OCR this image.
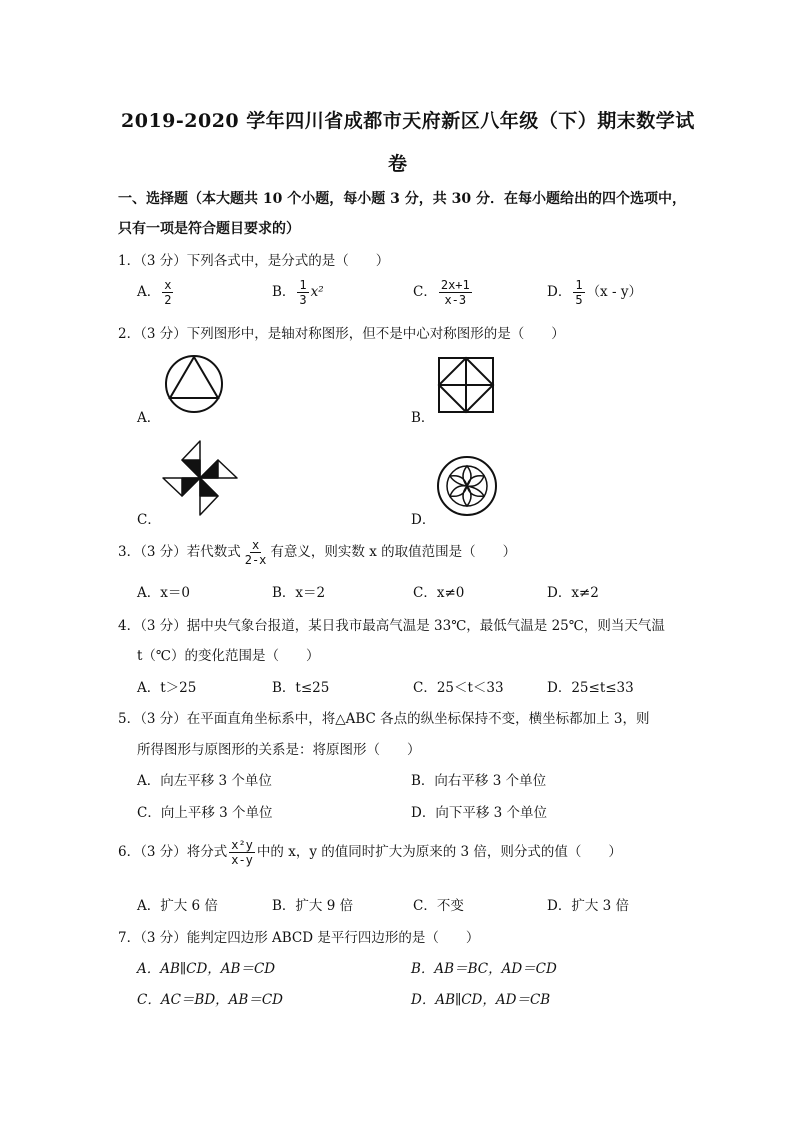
2019-2020 学年四川省成都市天府新区八年级（下）期末数学试
卷
一、选择题（本大题共 10 个小题，每小题 3 分，共 30 分．在每小题给出的四个选项中，
只有一项是符合题目要求的）
1．（3 分）下列各式中，是分式的是（　　）
A． $\frac{x}{2}$	B． $\frac{1}{3} x^2$	C． $\frac{2x+1}{x-3}$	D． $\frac{1}{5} (x - y)$
2．（3 分）下列图形中，是轴对称图形，但不是中心对称图形的是（　　）
A．	B．
C．	D．
3．（3 分）若代数式 $\frac{x}{2-x}$ 有意义，则实数 x 的取值范围是（　　）
A．x＝0	B．x＝2	C．x≠0	D．x≠2
4．（3 分）据中央气象台报道，某日我市最高气温是 33℃，最低气温是 25℃，则当天气温
t（℃）的变化范围是（　　）
A．t＞25	B．t≤25	C．25＜t＜33	D．25≤t≤33
5．（3 分）在平面直角坐标系中，将△ABC 各点的纵坐标保持不变，横坐标都加上 3，则
所得图形与原图形的关系是：将原图形（　　）
A．向左平移 3 个单位	B．向右平移 3 个单位
C．向上平移 3 个单位	D．向下平移 3 个单位
6．（3 分）将分式 $\frac{\text{x²y}}{x-y}$ 中的 x，y 的值同时扩大为原来的 3 倍，则分式的值（　　）
A．扩大 6 倍	B．扩大 9 倍	C．不变	D．扩大 3 倍
7．（3 分）能判定四边形 ABCD 是平行四边形的是（　　）
A．AB∥CD，AB＝CD	B．AB＝BC，AD＝CD
C．AC＝BD，AB＝CD	D．AB∥CD，AD＝CB
